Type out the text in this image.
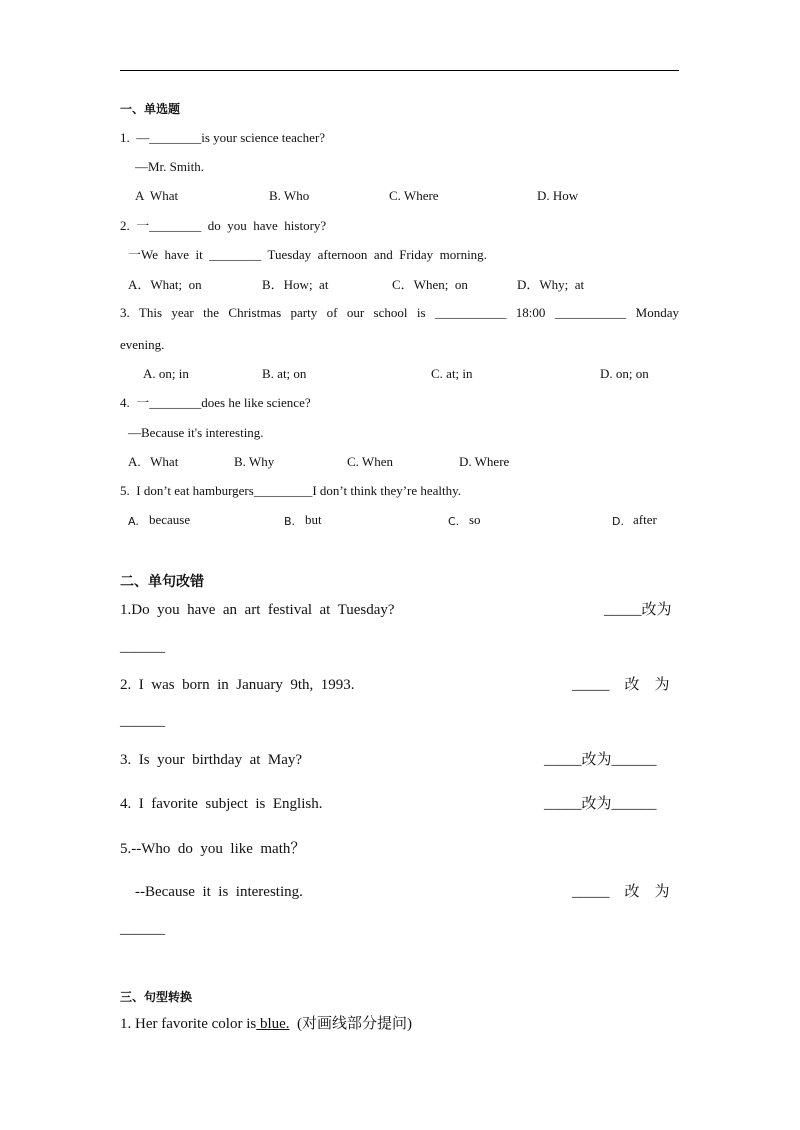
一、单选题
1.  —________is your science teacher?
—Mr. Smith.
A  What	B. Who	C. Where	D. How
2.  一________  do  you  have  history?
一We  have  it  ________  Tuesday  afternoon  and  Friday  morning.
A．What;  on	B．How;  at	C．When;  on	D．Why;  at
3. This year the Christmas party of our school is ___________ 18:00 ___________ Monday
evening.
A. on; in	B. at; on	C. at; in	D. on; on
4.  一________does he like science?
—Because it's interesting.
A.   What	B. Why	C. When	D. Where
5.  I don’t eat hamburgers_________I don’t think they’re healthy.
A. because	B. but	C. so	D. after
二、单句改错
1.Do  you  have  an  art  festival  at  Tuesday?	_____改为
______
2.  I  was  born  in  January  9th,  1993.	_____    改    为
______
3.  Is  your  birthday  at  May?	_____改为______
4.  I  favorite  subject  is  English.	_____改为______
5.--Who  do  you  like  math？
--Because  it  is  interesting.	_____    改    为
______
三、句型转换
1. Her favorite color is blue.  (对画线部分提问)
